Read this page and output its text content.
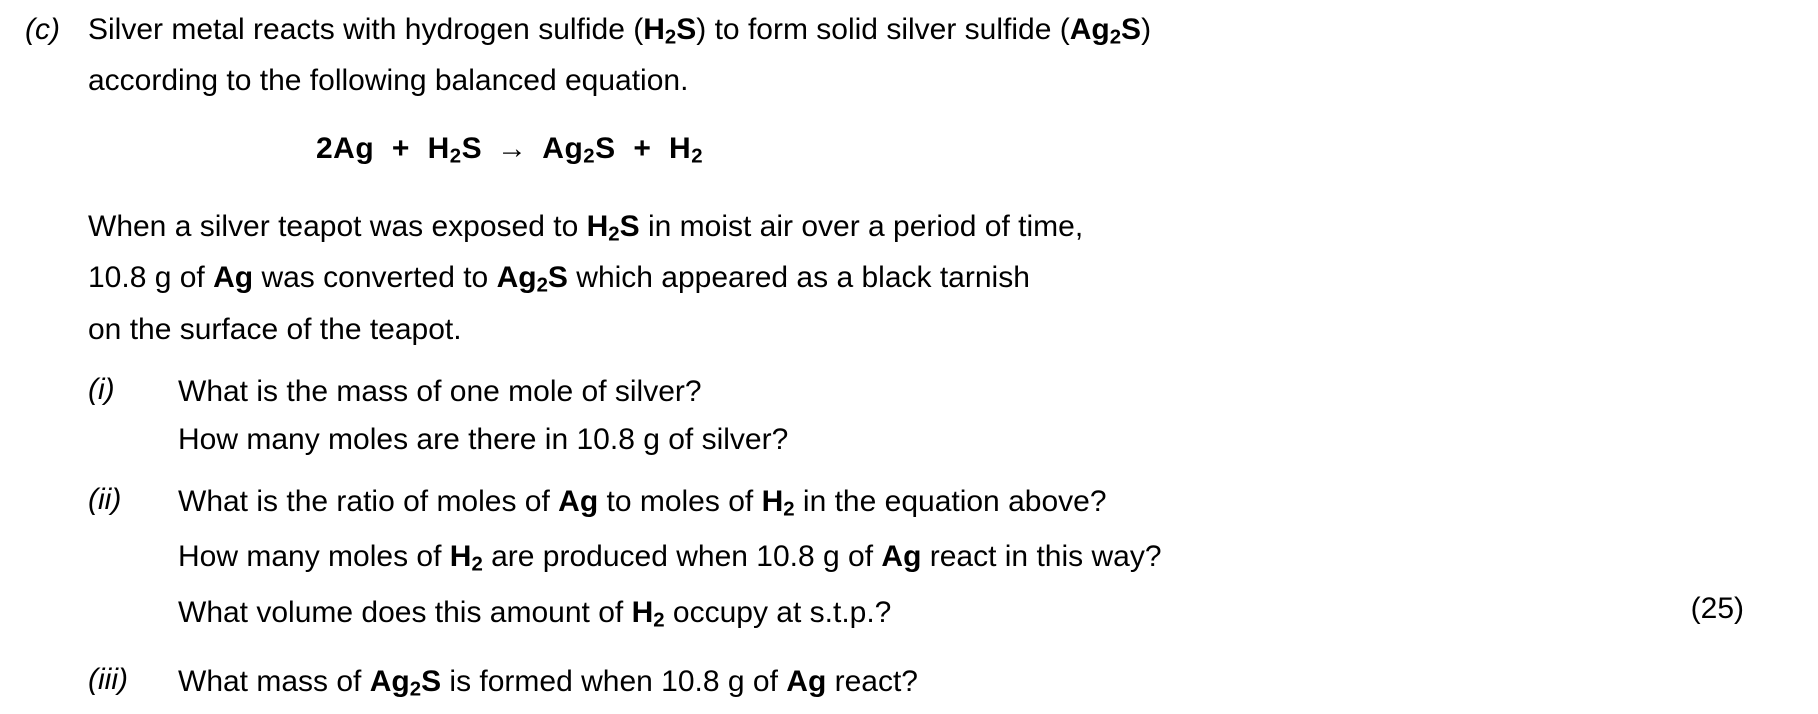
(c) Silver metal reacts with hydrogen sulfide $(H_2S)$ to form solid silver sulfide $(Ag_2S)$
according to the following balanced equation.
$2Ag + H_2S \to Ag_2S + H_2$
When a silver teapot was exposed to $H_2S$ in moist air over a period of time,
10.8 g of Ag was converted to $Ag_2S$ which appeared as a black tarnish
on the surface of the teapot.
(i)	What is the mass of one mole of silver?
How many moles are there in 10.8 g of silver?
(ii)	What is the ratio of moles of Ag to moles of $H_2$ in the equation above?
How many moles of $H_2$ are produced when 10.8 g of Ag react in this way?
What volume does this amount of $H_2$ occupy at s.t.p.?
(iii)	What mass of $Ag_2S$ is formed when 10.8 g of Ag react?
(25)
